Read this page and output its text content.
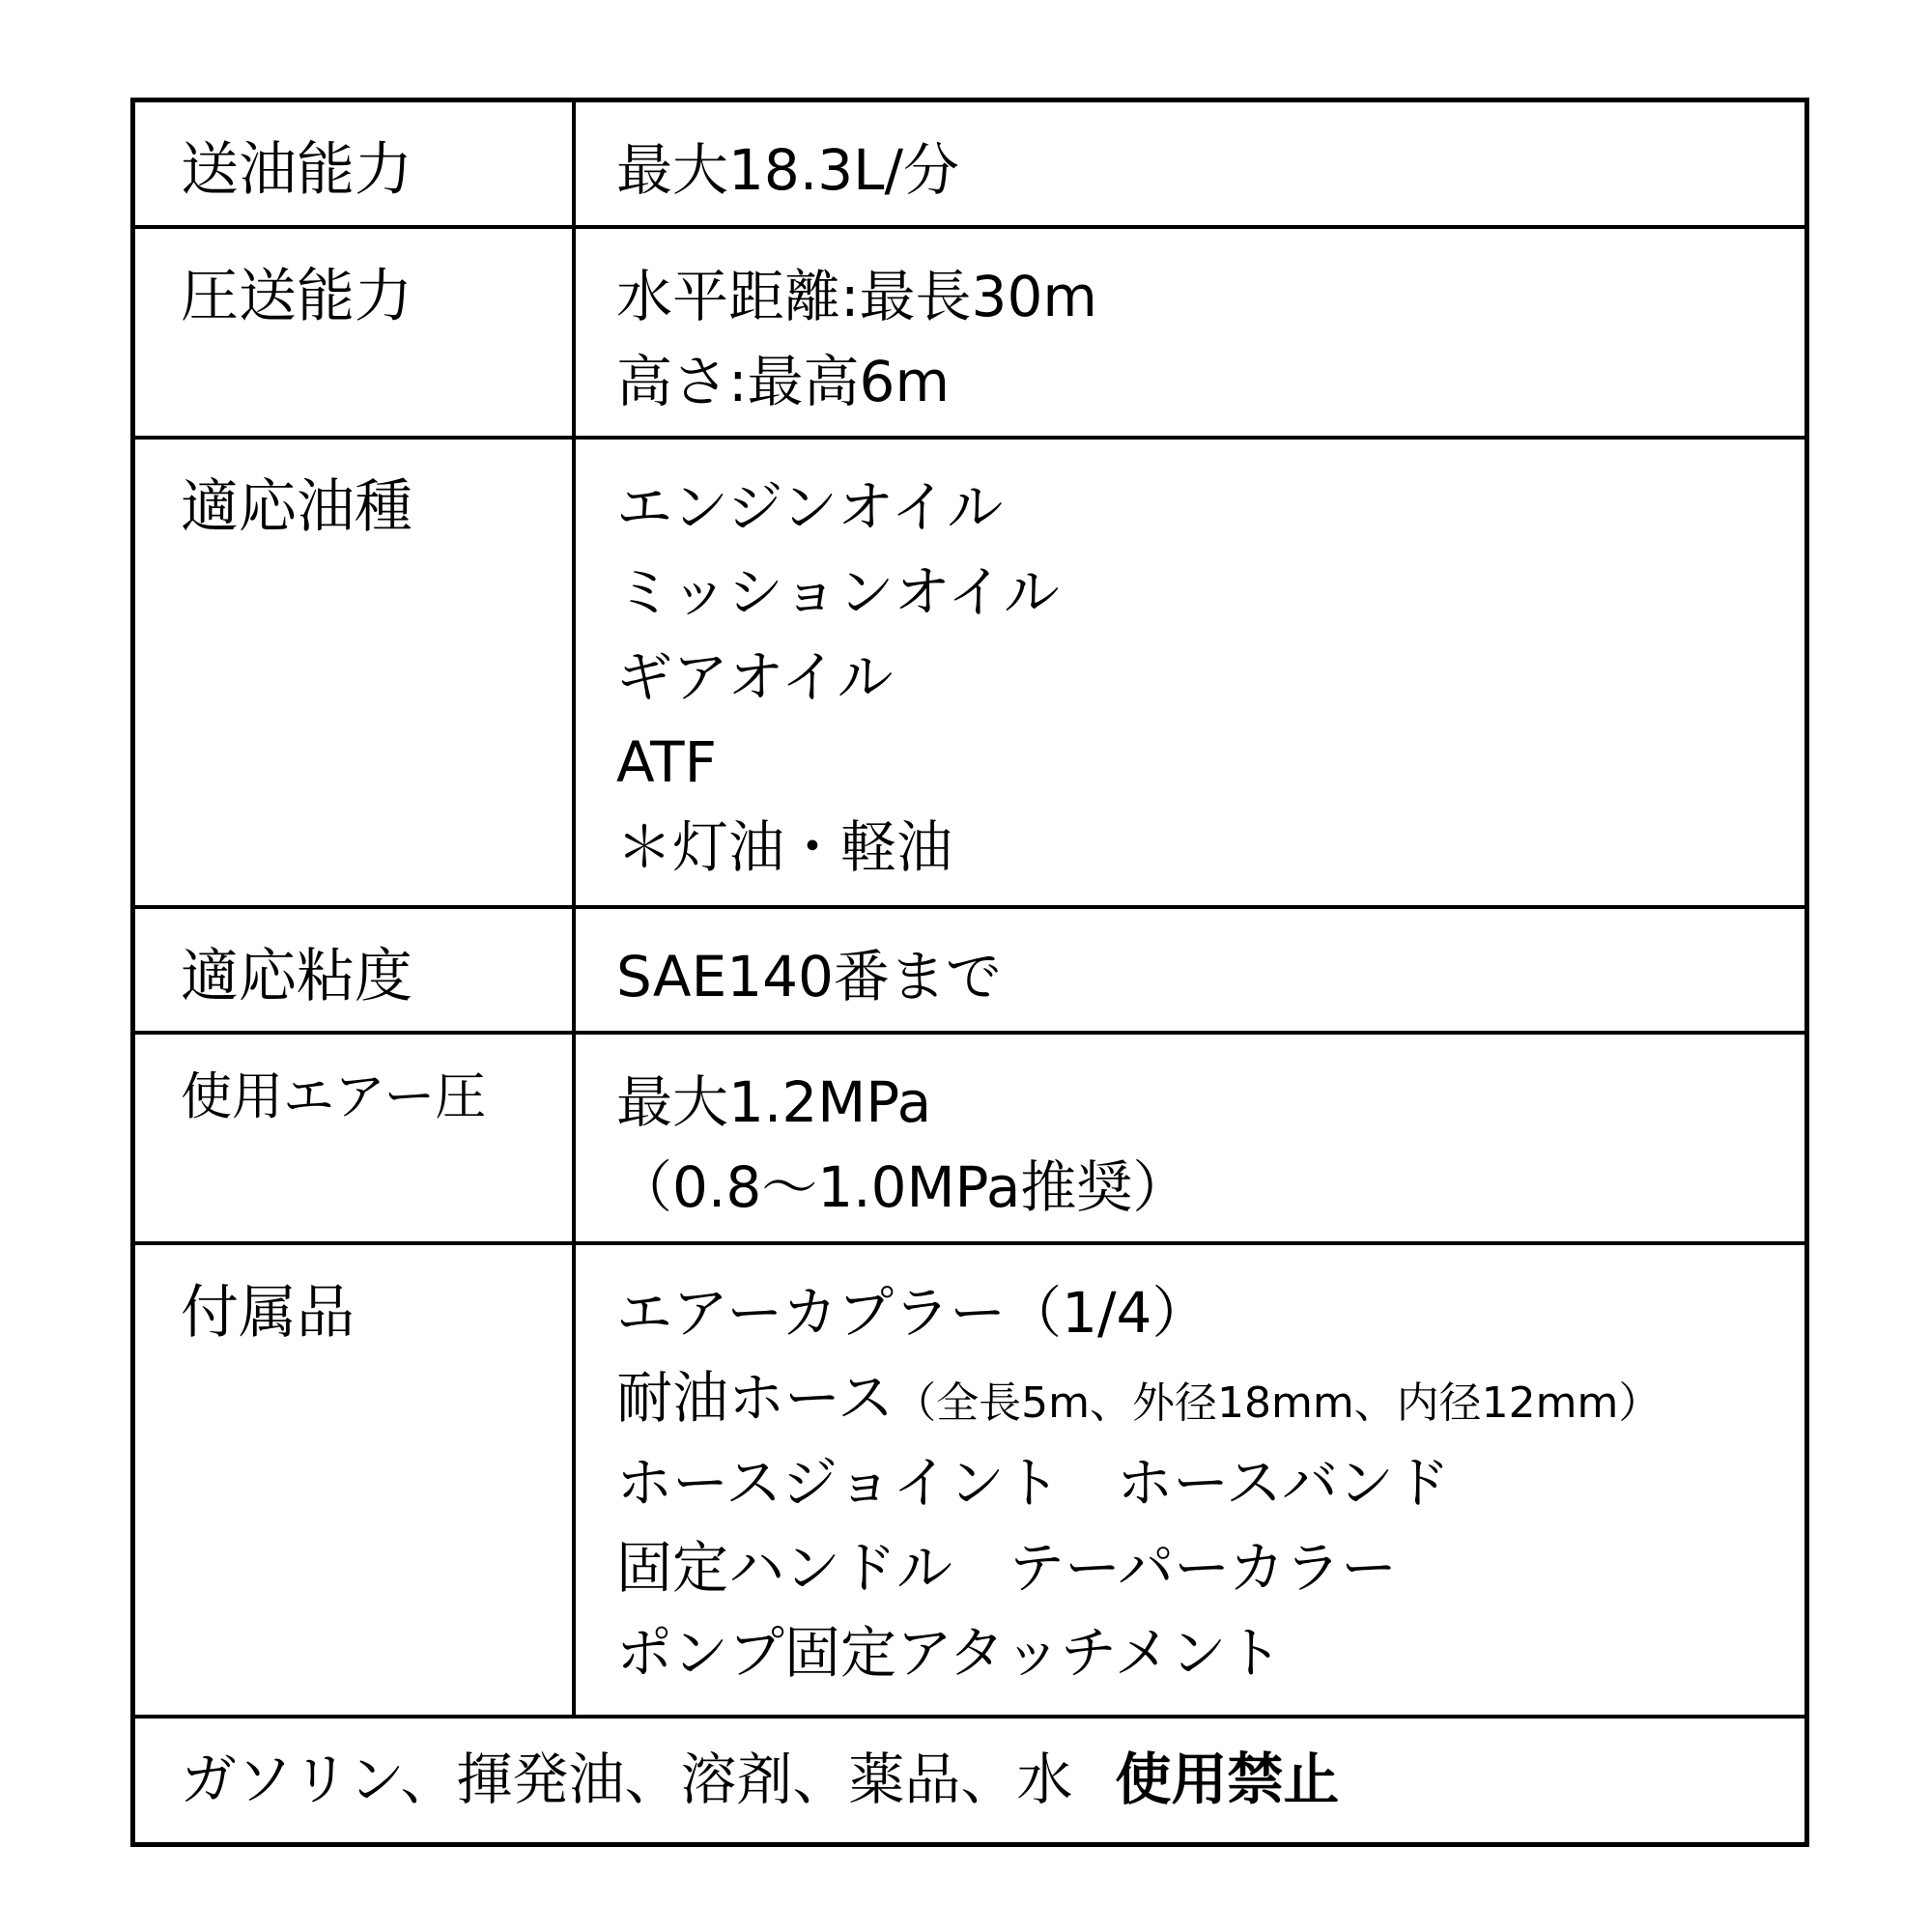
送油能力	最大18.3L/分
圧送能力	水平距離:最長30m
高さ:最高6m
適応油種	エンジンオイル
ミッションオイル
ギアオイル
ATF
＊灯油・軽油
適応粘度	SAE140番まで
使用エアー圧	最大1.2MPa
（0.8～1.0MPa推奨）
付属品	エアーカプラー（1/4）
耐油ホース（全長5m、外径18mm、内径12mm）
ホースジョイント　ホースバンド
固定ハンドル　テーパーカラー
ポンプ固定アタッチメント
ガソリン、揮発油、溶剤、薬品、水 使用禁止
